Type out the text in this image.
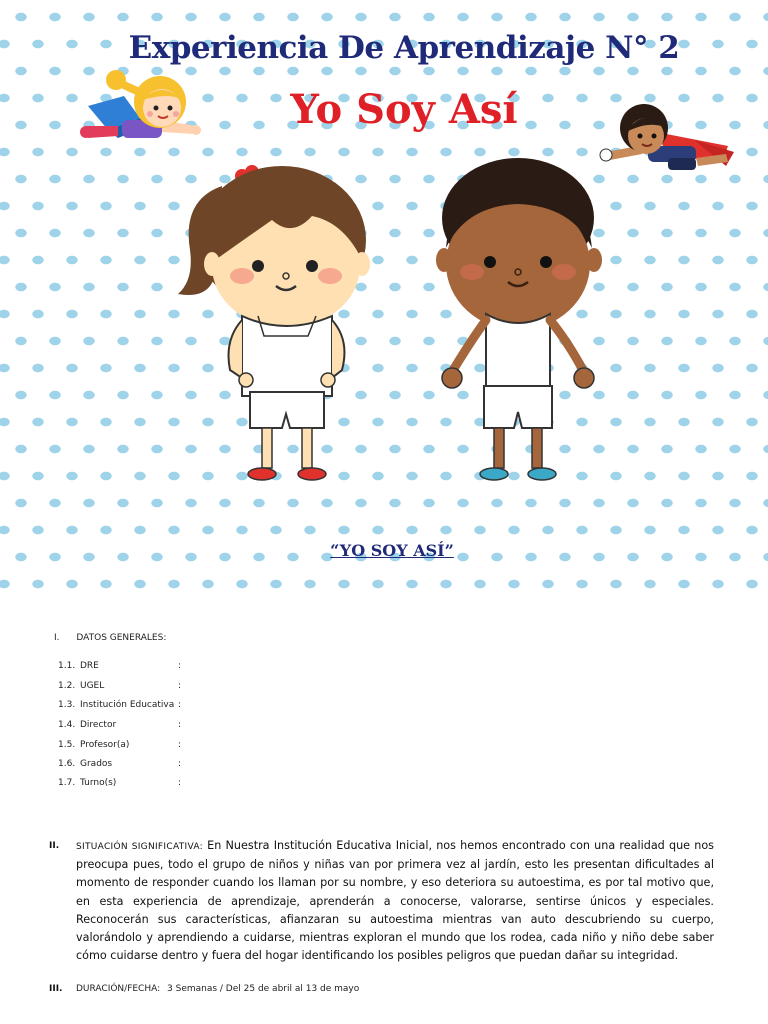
Experiencia De Aprendizaje N° 2
Yo Soy Así
“YO SOY ASÍ”
I. DATOS GENERALES:
1.1. DRE	:
1.2. UGEL	:
1.3. Institución Educativa :
1.4. Director	:
1.5. Profesor(a)	:
1.6. Grados	:
1.7. Turno(s)	:
II. SITUACIÓN SIGNIFICATIVA: En Nuestra Institución Educativa Inicial, nos hemos encontrado con una realidad que nos preocupa pues, todo el grupo de niños y niñas van por primera vez al jardín, esto les presentan dificultades al momento de responder cuando los llaman por su nombre, y eso deteriora su autoestima, es por tal motivo que, en esta experiencia de aprendizaje, aprenderán a conocerse, valorarse, sentirse únicos y especiales. Reconocerán sus características, afianzaran su autoestima mientras van auto descubriendo su cuerpo, valorándolo y aprendiendo a cuidarse, mientras exploran el mundo que los rodea, cada niño y niño debe saber cómo cuidarse dentro y fuera del hogar identificando los posibles peligros que puedan dañar su integridad.
III. DURACIÓN/FECHA: 3 Semanas / Del 25 de abril al 13 de mayo
